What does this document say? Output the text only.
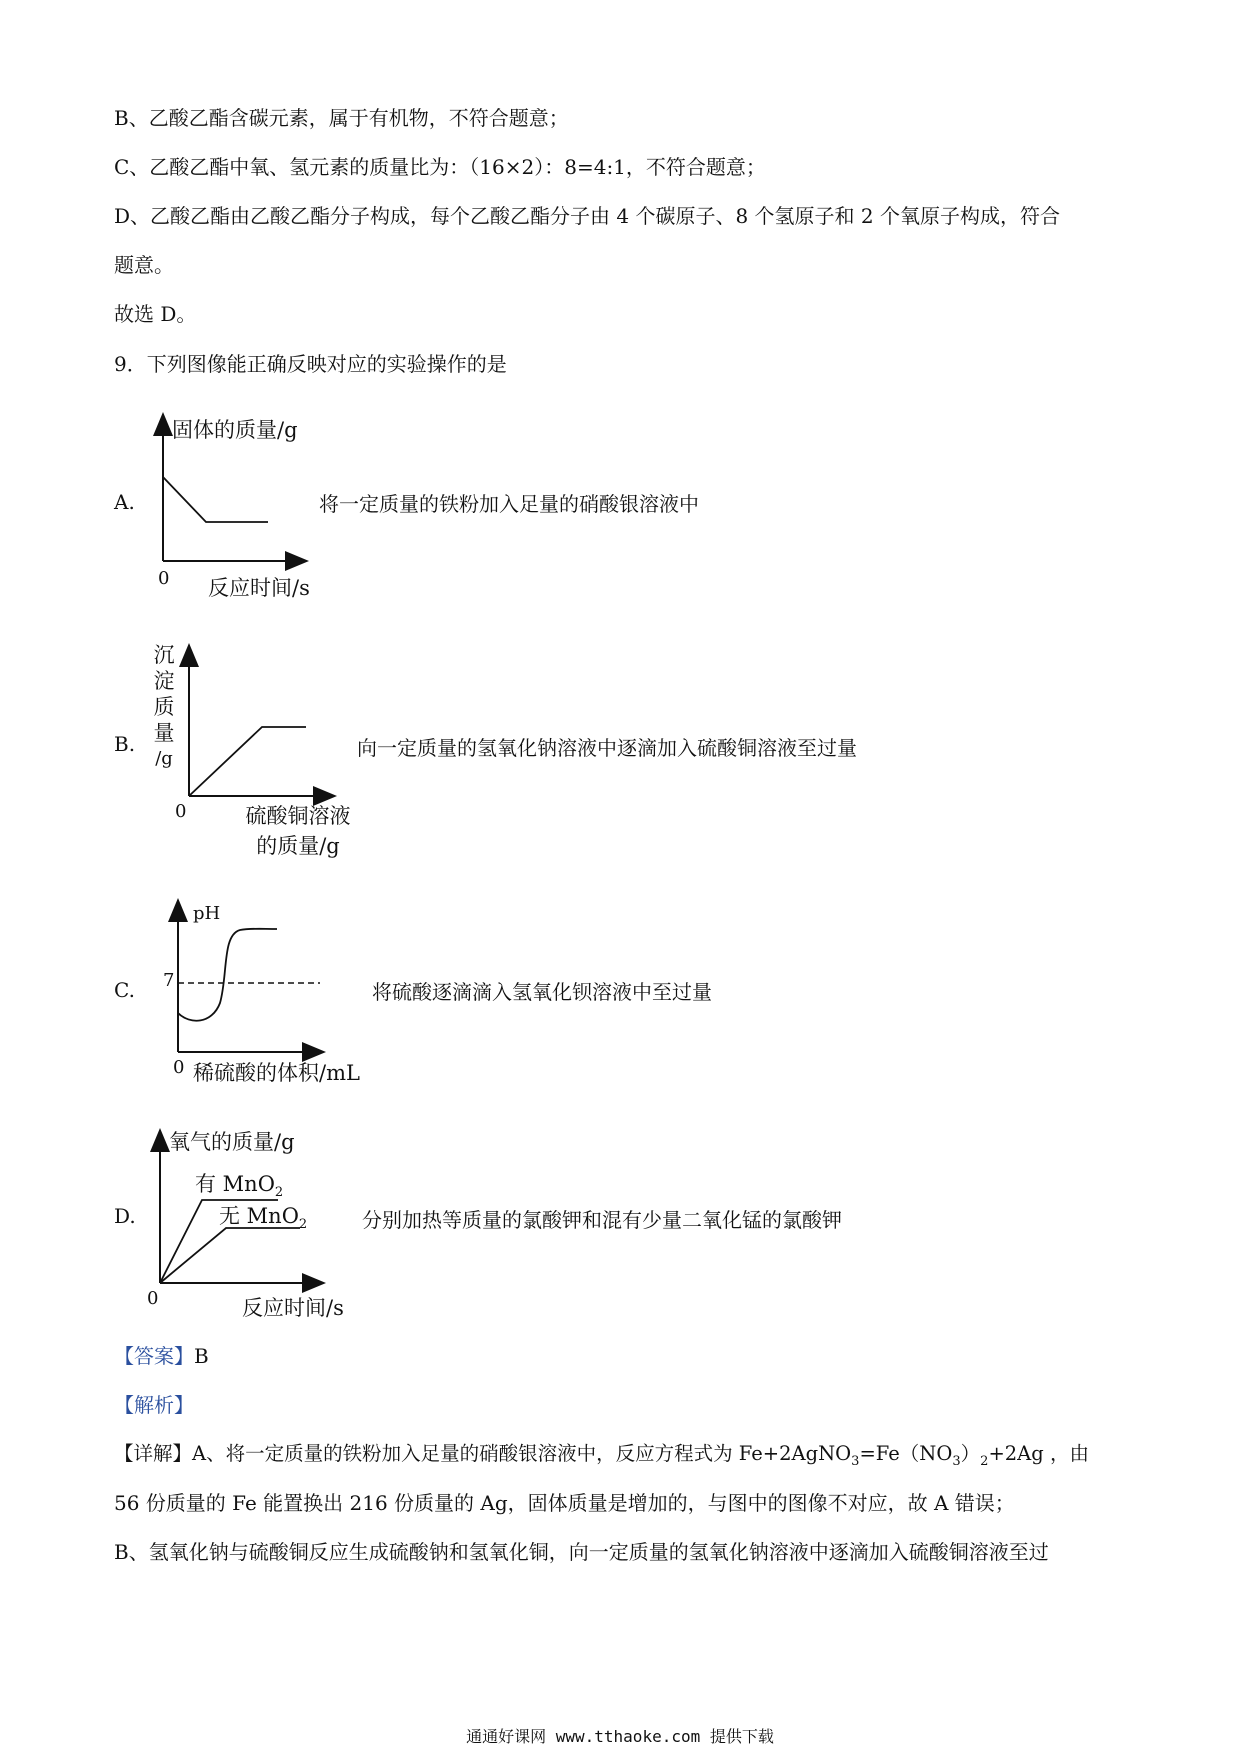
B、乙酸乙酯含碳元素，属于有机物，不符合题意；
C、乙酸乙酯中氧、氢元素的质量比为：（16×2）：8=4:1，不符合题意；
D、乙酸乙酯由乙酸乙酯分子构成，每个乙酸乙酯分子由 4 个碳原子、8 个氢原子和 2 个氧原子构成，符合
题意。
故选 D。
9．下列图像能正确反映对应的实验操作的是
A.
固体的质量/g
0 反应时间/s
将一定质量的铁粉加入足量的硝酸银溶液中
B.
沉
淀
质
量
/g
0	硫酸铜溶液
的质量/g
向一定质量的氢氧化钠溶液中逐滴加入硫酸铜溶液至过量
C.
pH
7
0 稀硫酸的体积/mL
将硫酸逐滴滴入氢氧化钡溶液中至过量
D.
氧气的质量/g
有 MnO$_2$
无 MnO$_2$
0	反应时间/s
分别加热等质量的氯酸钾和混有少量二氧化锰的氯酸钾
【答案】B
【解析】
【详解】A、将一定质量的铁粉加入足量的硝酸银溶液中，反应方程式为 $Fe+2AgNO_3=Fe(NO_3)_2+2Ag$ ，由
56 份质量的 Fe 能置换出 216 份质量的 Ag，固体质量是增加的，与图中的图像不对应，故 A 错误；
B、氢氧化钠与硫酸铜反应生成硫酸钠和氢氧化铜，向一定质量的氢氧化钠溶液中逐滴加入硫酸铜溶液至过
通通好课网 www.tthaoke.com 提供下载
